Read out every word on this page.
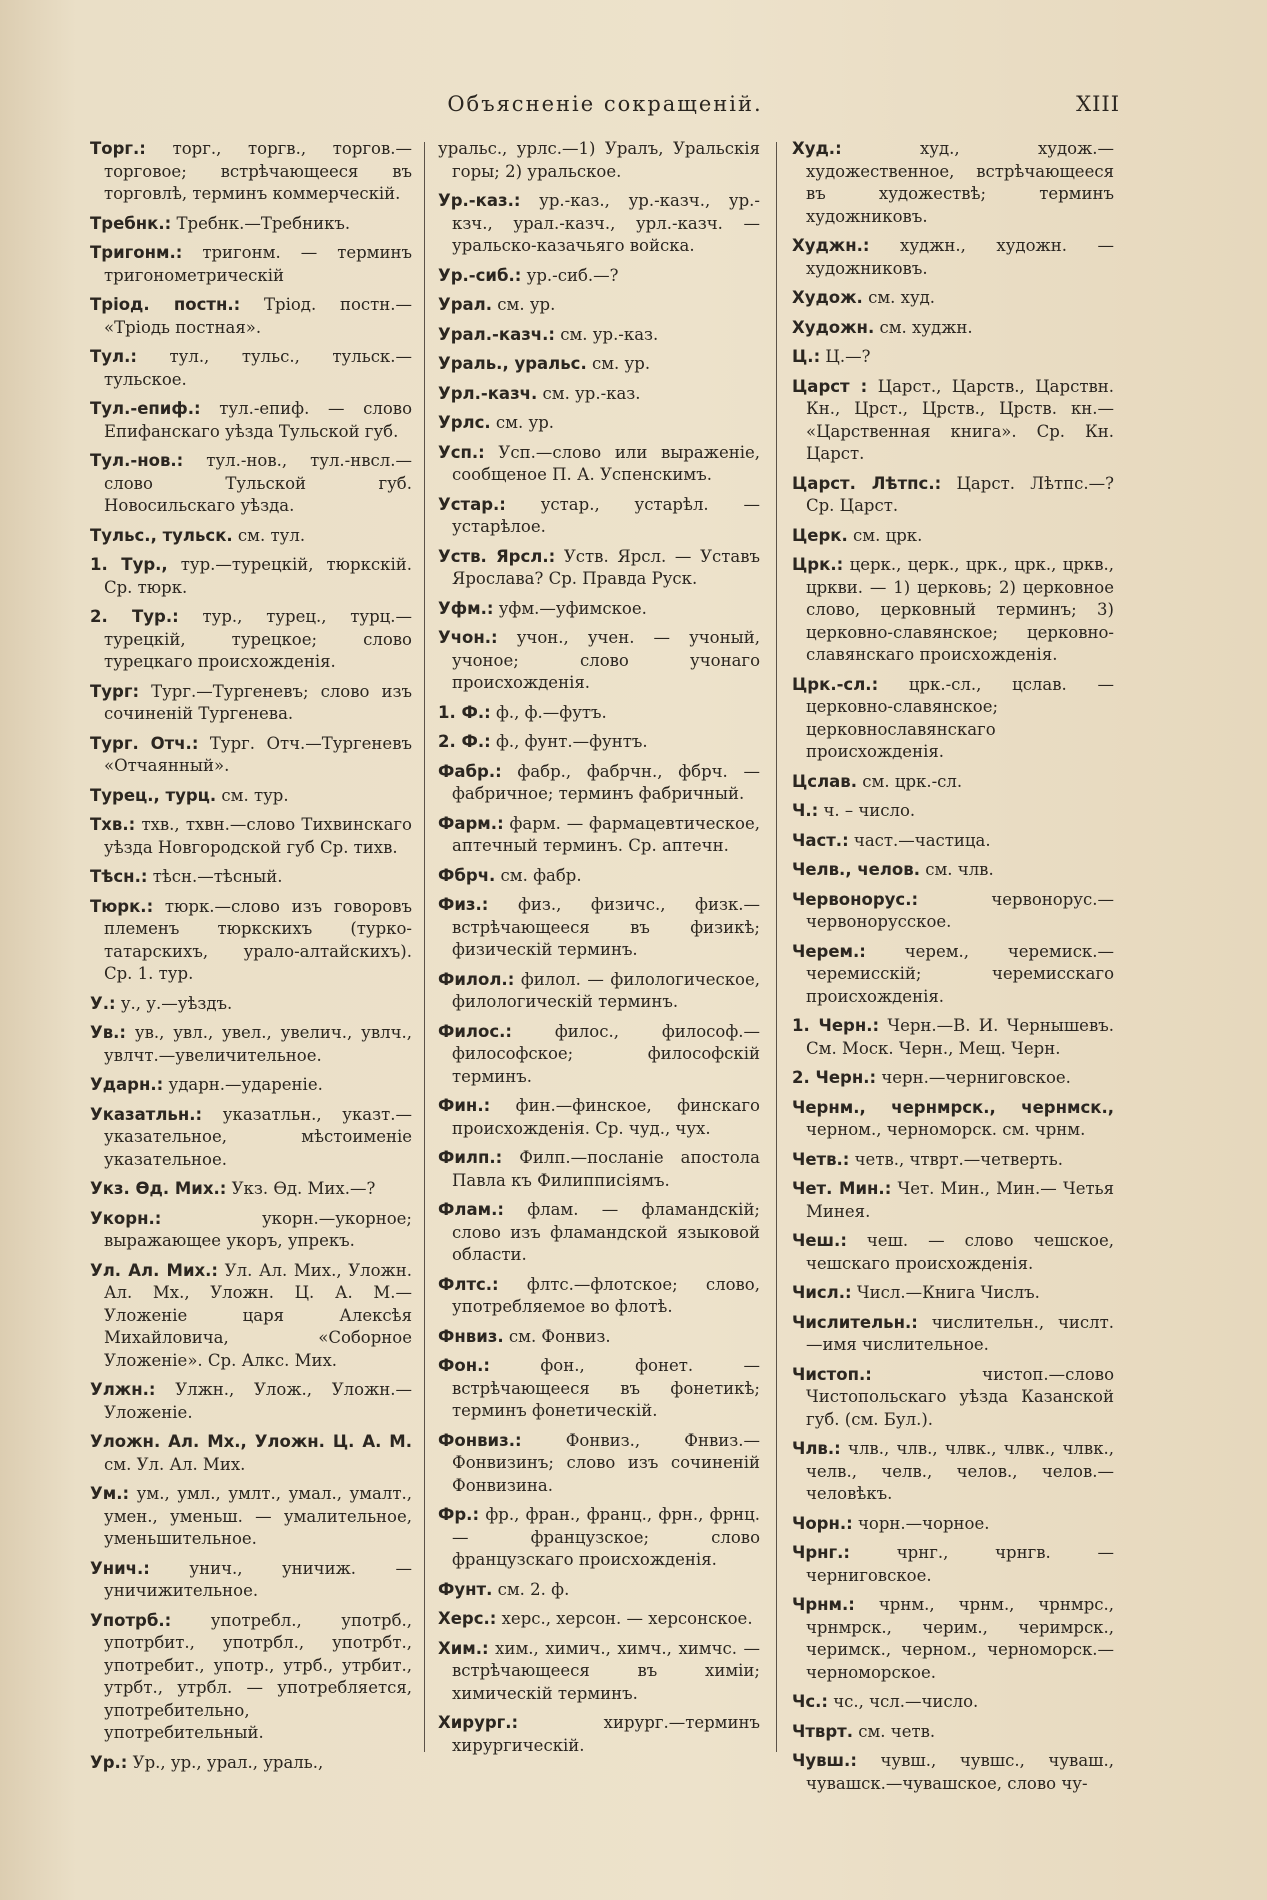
Объясненіе сокращеній.	XIII
Торг.: торг., торгв., торгов.—торговое; встрѣчающееся въ торговлѣ, терминъ коммерческій.
Требнк.: Требнк.—Требникъ.
Тригонм.: тригонм. — терминъ тригонометрическій
Тріод. постн.: Тріод. постн.— «Тріодь постная».
Тул.: тул., тульс., тульск.—тульское.
Тул.-епиф.: тул.-епиф. — слово Епифанскаго уѣзда Тульской губ.
Тул.-нов.: тул.-нов., тул.-нвсл.— слово Тульской губ. Новосильскаго уѣзда.
Тульс., тульск. см. тул.
1. Тур., тур.—турецкій, тюркскій. Ср. тюрк.
2. Тур.: тур., турец., турц.—турецкій, турецкое; слово турецкаго происхожденія.
Тург: Тург.—Тургеневъ; слово изъ сочиненій Тургенева.
Тург. Отч.: Тург. Отч.—Тургеневъ «Отчаянный».
Турец., турц. см. тур.
Тхв.: тхв., тхвн.—слово Тихвинскаго уѣзда Новгородской губ Ср. тихв.
Тѣсн.: тѣсн.—тѣсный.
Тюрк.: тюрк.—слово изъ говоровъ племенъ тюркскихъ (турко-татарскихъ, урало-алтайскихъ). Ср. 1. тур.
У.: у., у.—уѣздъ.
Ув.: ув., увл., увел., увелич., увлч., увлчт.—увеличительное.
Ударн.: ударн.—удареніе.
Указатльн.: указатльн., указт.— указательное, мѣстоименіе указательное.
Укз. Өд. Мих.: Укз. Өд. Мих.—?
Укорн.: укорн.—укорное; выражающее укоръ, упрекъ.
Ул. Ал. Мих.: Ул. Ал. Мих., Уложн. Ал. Мх., Уложн. Ц. А. М.— Уложеніе царя Алексѣя Михайловича, «Соборное Уложеніе». Ср. Алкс. Мих.
Улжн.: Улжн., Улож., Уложн.— Уложеніе.
Уложн. Ал. Мх., Уложн. Ц. А. М. см. Ул. Ал. Мих.
Ум.: ум., умл., умлт., умал., умалт., умен., уменьш. — умалительное, уменьшительное.
Унич.: унич., уничиж. — уничижительное.
Употрб.: употребл., употрб., употрбит., употрбл., употрбт., употребит., употр., утрб., утрбит., утрбт., утрбл. — употребляется, употребительно, употребительный.
Ур.: Ур., ур., урал., ураль.,
уральс., урлс.—1) Уралъ, Уральскія горы; 2) уральское.
Ур.-каз.: ур.-каз., ур.-казч., ур.-кзч., урал.-казч., урл.-казч. — уральско-казачьяго войска.
Ур.-сиб.: ур.-сиб.—?
Урал. см. ур.
Урал.-казч.: см. ур.-каз.
Ураль., уральс. см. ур.
Урл.-казч. см. ур.-каз.
Урлс. см. ур.
Усп.: Усп.—слово или выраженіе, сообщеное П. А. Успенскимъ.
Устар.: устар., устарѣл. — устарѣлое.
Уств. Ярсл.: Уств. Ярсл. — Уставъ Ярослава? Ср. Правда Руск.
Уфм.: уфм.—уфимское.
Учон.: учон., учен. — учоный, учоное; слово учонаго происхожденія.
1. Ф.: ф., ф.—футъ.
2. Ф.: ф., фунт.—фунтъ.
Фабр.: фабр., фабрчн., фбрч. — фабричное; терминъ фабричный.
Фарм.: фарм. — фармацевтическое, аптечный терминъ. Ср. аптечн.
Фбрч. см. фабр.
Физ.: физ., физичс., физк.—встрѣчающееся въ физикѣ; физическій терминъ.
Филол.: филол. — филологическое, филологическій терминъ.
Филос.: филос., философ.—философское; философскій терминъ.
Фин.: фин.—финское, финскаго происхожденія. Ср. чуд., чух.
Филп.: Филп.—посланіе апостола Павла къ Филипписіямъ.
Флам.: флам. — фламандскій; слово изъ фламандской языковой области.
Флтс.: флтс.—флотское; слово, употребляемое во флотѣ.
Фнвиз. см. Фонвиз.
Фон.: фон., фонет. — встрѣчающееся въ фонетикѣ; терминъ фонетическій.
Фонвиз.: Фонвиз., Фнвиз.—Фонвизинъ; слово изъ сочиненій Фонвизина.
Фр.: фр., фран., франц., фрн., фрнц.— французское; слово французскаго происхожденія.
Фунт. см. 2. ф.
Херс.: херс., херсон. — херсонское.
Хим.: хим., химич., химч., химчс. — встрѣчающееся въ химіи; химическій терминъ.
Хирург.: хирург.—терминъ хирургическій.
Худ.: худ., худож.—художественное, встрѣчающееся въ художествѣ; терминъ художниковъ.
Худжн.: худжн., художн. — художниковъ.
Худож. см. худ.
Художн. см. худжн.
Ц.: Ц.—?
Царст : Царст., Царств., Царствн. Кн., Црст., Црств., Црств. кн.— «Царственная книга». Ср. Кн. Царст.
Царст. Лѣтпс.: Царст. Лѣтпс.—? Ср. Царст.
Церк. см. црк.
Црк.: церк., церк., црк., црк., цркв., цркви. — 1) церковь; 2) церковное слово, церковный терминъ; 3) церковно-славянское; церковно-славянскаго происхожденія.
Црк.-сл.: црк.-сл., цслав. — церковно-славянское; церковнославянскаго происхожденія.
Цслав. см. црк.-сл.
Ч.: ч. – число.
Част.: част.—частица.
Челв., челов. см. члв.
Червонорус.: червонорус.—червонорусское.
Черем.: черем., черемиск.—черемисскій; черемисскаго происхожденія.
1. Черн.: Черн.—В. И. Чернышевъ. См. Моск. Черн., Мещ. Черн.
2. Черн.: черн.—черниговское.
Чернм., чернмрск., чернмск., черном., черноморск. см. чрнм.
Четв.: четв., чтврт.—четверть.
Чет. Мин.: Чет. Мин., Мин.— Четья Минея.
Чеш.: чеш. — слово чешское, чешскаго происхожденія.
Числ.: Числ.—Книга Числъ.
Числительн.: числительн., числт. —имя числительное.
Чистоп.: чистоп.—слово Чистопольскаго уѣзда Казанской губ. (см. Бул.).
Члв.: члв., члв., члвк., члвк., члвк., челв., челв., челов., челов.—человѣкъ.
Чорн.: чорн.—чорное.
Чрнг.: чрнг., чрнгв. — черниговское.
Чрнм.: чрнм., чрнм., чрнмрс., чрнмрск., черим., черимрск., черимск., черном., черноморск.—черноморское.
Чс.: чс., чсл.—число.
Чтврт. см. четв.
Чувш.: чувш., чувшс., чуваш., чувашск.—чувашское, слово чу-
